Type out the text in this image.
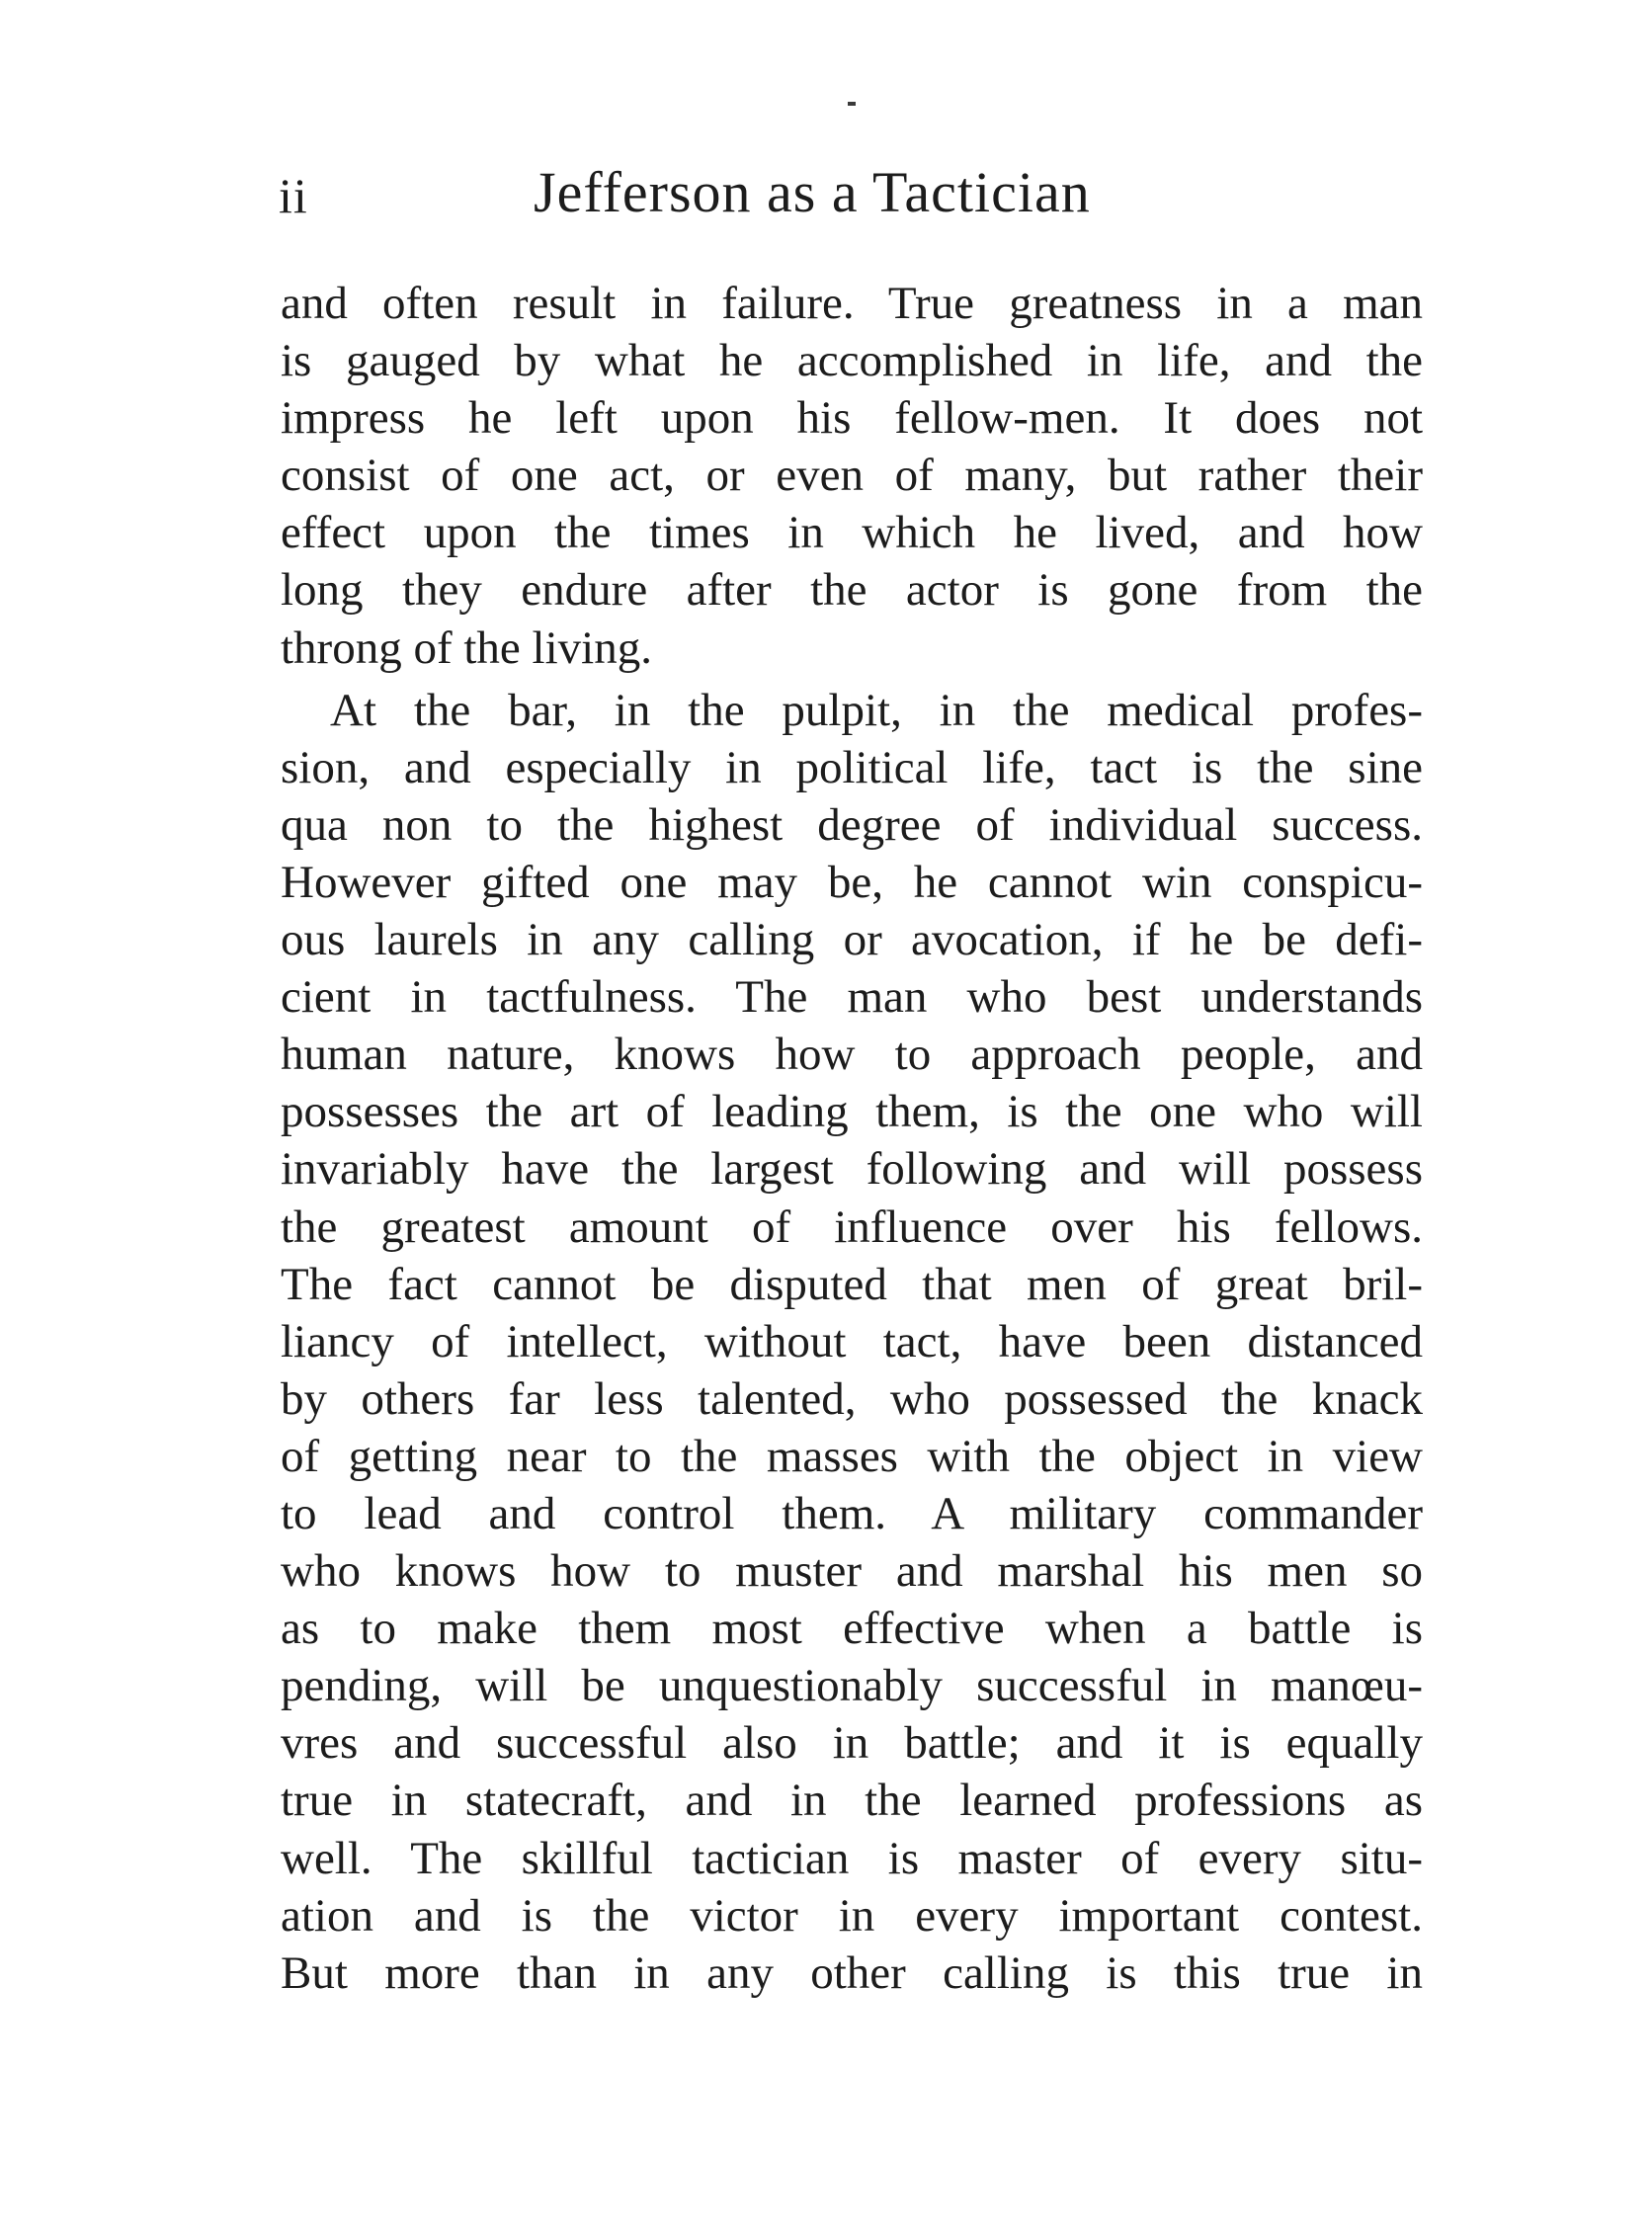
ii	Jefferson as a Tactician
and often result in failure. True greatness in a man
is gauged by what he accomplished in life, and the
impress he left upon his fellow-men. It does not
consist of one act, or even of many, but rather their
effect upon the times in which he lived, and how
long they endure after the actor is gone from the
throng of the living.
At the bar, in the pulpit, in the medical profes-
sion, and especially in political life, tact is the sine
qua non to the highest degree of individual success.
However gifted one may be, he cannot win conspicu-
ous laurels in any calling or avocation, if he be defi-
cient in tactfulness. The man who best understands
human nature, knows how to approach people, and
possesses the art of leading them, is the one who will
invariably have the largest following and will possess
the greatest amount of influence over his fellows.
The fact cannot be disputed that men of great bril-
liancy of intellect, without tact, have been distanced
by others far less talented, who possessed the knack
of getting near to the masses with the object in view
to lead and control them. A military commander
who knows how to muster and marshal his men so
as to make them most effective when a battle is
pending, will be unquestionably successful in manœu-
vres and successful also in battle; and it is equally
true in statecraft, and in the learned professions as
well. The skillful tactician is master of every situ-
ation and is the victor in every important contest.
But more than in any other calling is this true in
